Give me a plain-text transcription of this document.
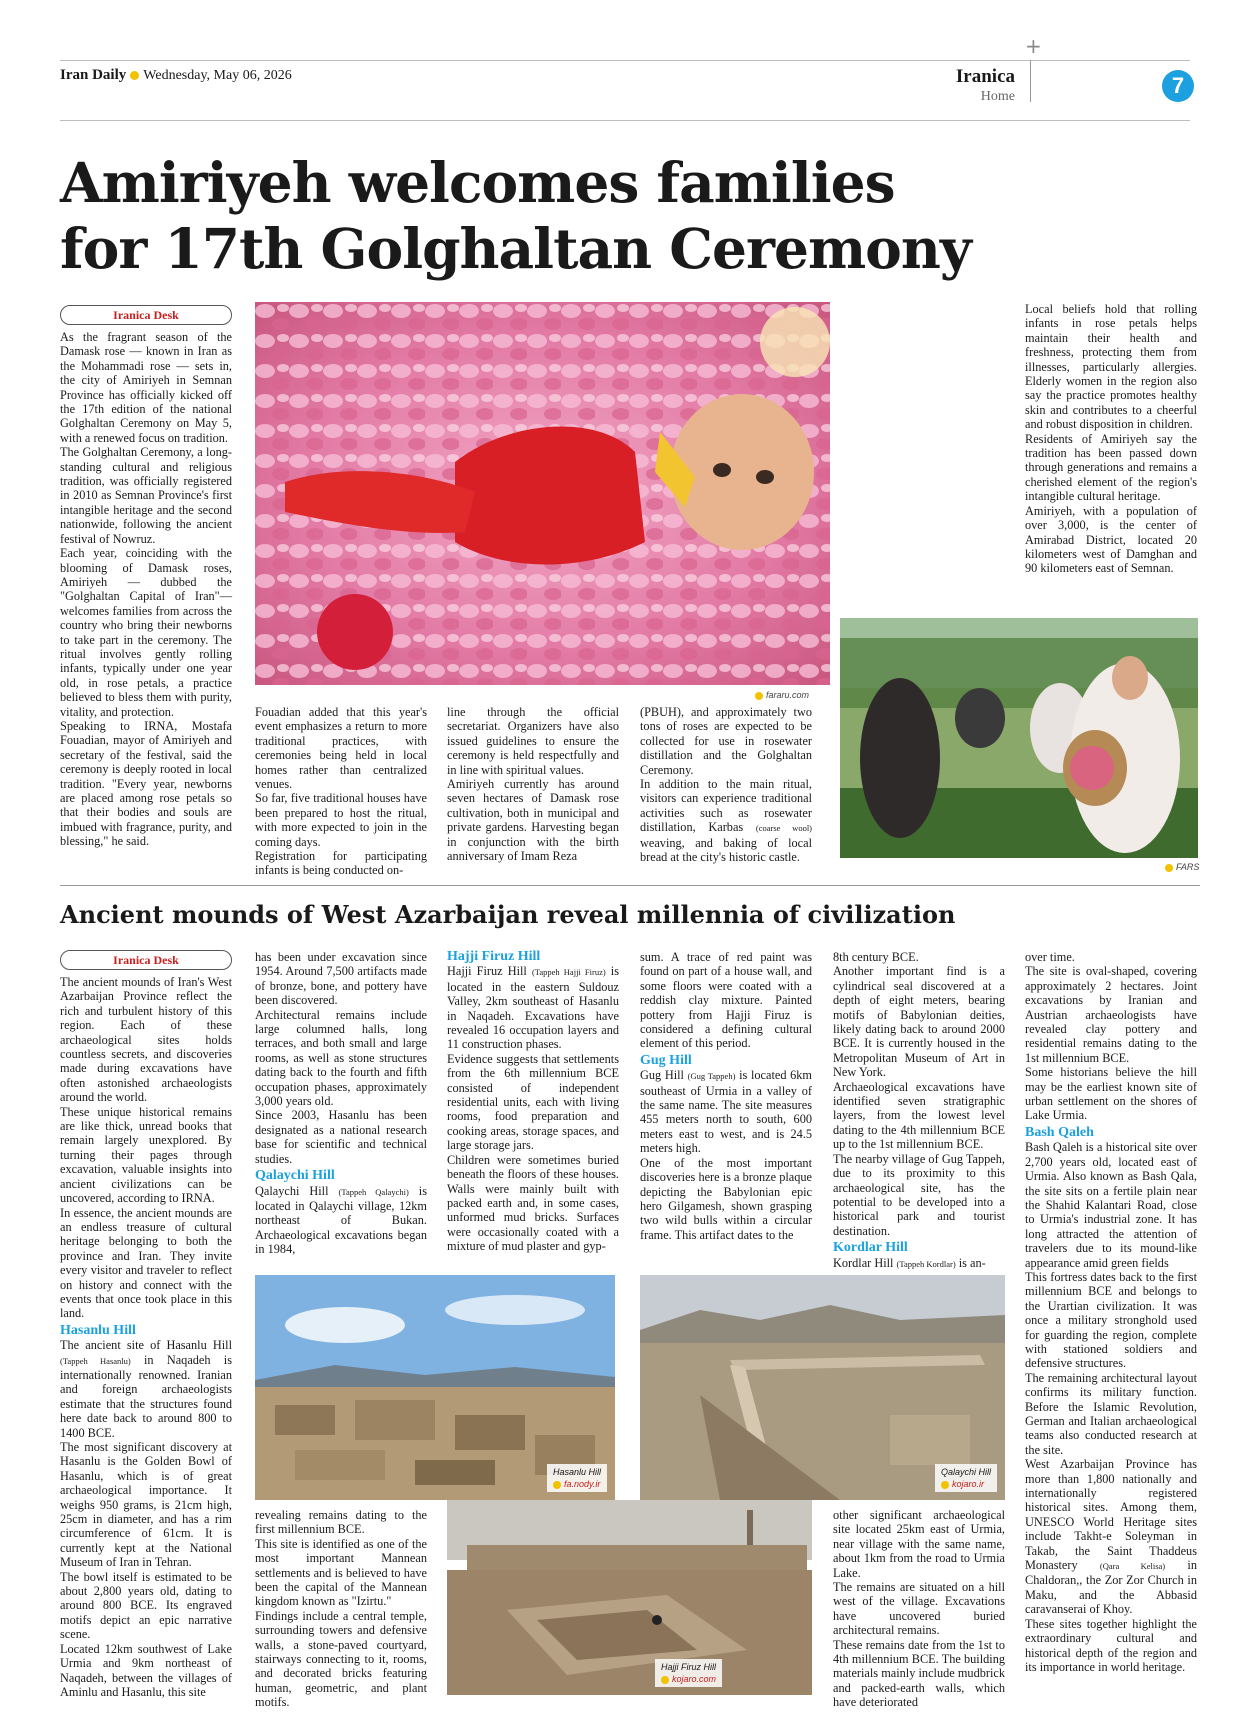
+
Iran Daily Wednesday, May 06, 2026	Iranica
Home	7
Amiriyeh welcomes families
for 17th Golghaltan Ceremony
Iranica Desk

As the fragrant season of the Damask rose — known in Iran as the Mohammadi rose — sets in, the city of Amiriyeh in Semnan Province has officially kicked off the 17th edition of the national Golghaltan Ceremony on May 5, with a renewed focus on tradition.

The Golghaltan Ceremony, a long-standing cultural and religious tradition, was officially registered in 2010 as Semnan Province's first intangible heritage and the second nationwide, following the ancient festival of Nowruz.

Each year, coinciding with the blooming of Damask roses, Amiriyeh — dubbed the "Golghaltan Capital of Iran"— welcomes families from across the country who bring their newborns to take part in the ceremony. The ritual involves gently rolling infants, typically under one year old, in rose petals, a practice believed to bless them with purity, vitality, and protection.

Speaking to IRNA, Mostafa Fouadian, mayor of Amiriyeh and secretary of the festival, said the ceremony is deeply rooted in local tradition. "Every year, newborns are placed among rose petals so that their bodies and souls are imbued with fragrance, purity, and blessing," he said.

fararu.com

Fouadian added that this year's event emphasizes a return to more traditional practices, with ceremonies being held in local homes rather than centralized venues.

So far, five traditional houses have been prepared to host the ritual, with more expected to join in the coming days.

Registration for participating infants is being conducted on-

line through the official secretariat. Organizers have also issued guidelines to ensure the ceremony is held respectfully and in line with spiritual values.

Amiriyeh currently has around seven hectares of Damask rose cultivation, both in municipal and private gardens. Harvesting began in conjunction with the birth anniversary of Imam Reza

(PBUH), and approximately two tons of roses are expected to be collected for use in rosewater distillation and the Golghaltan Ceremony.

In addition to the main ritual, visitors can experience traditional activities such as rosewater distillation, Karbas (coarse wool) weaving, and baking of local bread at the city's historic castle.

Local beliefs hold that rolling infants in rose petals helps maintain their health and freshness, protecting them from illnesses, particularly allergies. Elderly women in the region also say the practice promotes healthy skin and contributes to a cheerful and robust disposition in children.

Residents of Amiriyeh say the tradition has been passed down through generations and remains a cherished element of the region's intangible cultural heritage.

Amiriyeh, with a population of over 3,000, is the center of Amirabad District, located 20 kilometers west of Damghan and 90 kilometers east of Semnan.

FARS
Ancient mounds of West Azarbaijan reveal millennia of civilization
Iranica Desk

The ancient mounds of Iran's West Azarbaijan Province reflect the rich and turbulent history of this region. Each of these archaeological sites holds countless secrets, and discoveries made during excavations have often astonished archaeologists around the world.

These unique historical remains are like thick, unread books that remain largely unexplored. By turning their pages through excavation, valuable insights into ancient civilizations can be uncovered, according to IRNA.

In essence, the ancient mounds are an endless treasure of cultural heritage belonging to both the province and Iran. They invite every visitor and traveler to reflect on history and connect with the events that once took place in this land.

Hasanlu Hill

The ancient site of Hasanlu Hill (Tappeh Hasanlu) in Naqadeh is internationally renowned. Iranian and foreign archaeologists estimate that the structures found here date back to around 800 to 1400 BCE.

The most significant discovery at Hasanlu is the Golden Bowl of Hasanlu, which is of great archaeological importance. It weighs 950 grams, is 21cm high, 25cm in diameter, and has a rim circumference of 61cm. It is currently kept at the National Museum of Iran in Tehran.

The bowl itself is estimated to be about 2,800 years old, dating to around 800 BCE. Its engraved motifs depict an epic narrative scene.

Located 12km southwest of Lake Urmia and 9km northeast of Naqadeh, between the villages of Aminlu and Hasanlu, this site

has been under excavation since 1954. Around 7,500 artifacts made of bronze, bone, and pottery have been discovered.

Architectural remains include large columned halls, long terraces, and both small and large rooms, as well as stone structures dating back to the fourth and fifth occupation phases, approximately 3,000 years old.

Since 2003, Hasanlu has been designated as a national research base for scientific and technical studies.

Qalaychi Hill

Qalaychi Hill (Tappeh Qalaychi) is located in Qalaychi village, 12km northeast of Bukan. Archaeological excavations began in 1984,

Hajji Firuz Hill

Hajji Firuz Hill (Tappeh Hajji Firuz) is located in the eastern Suldouz Valley, 2km southeast of Hasanlu in Naqadeh. Excavations have revealed 16 occupation layers and 11 construction phases.

Evidence suggests that settlements from the 6th millennium BCE consisted of independent residential units, each with living rooms, food preparation and cooking areas, storage spaces, and large storage jars.

Children were sometimes buried beneath the floors of these houses. Walls were mainly built with packed earth and, in some cases, unformed mud bricks. Surfaces were occasionally coated with a mixture of mud plaster and gyp-

sum. A trace of red paint was found on part of a house wall, and some floors were coated with a reddish clay mixture. Painted pottery from Hajji Firuz is considered a defining cultural element of this period.

Gug Hill

Gug Hill (Gug Tappeh) is located 6km southeast of Urmia in a valley of the same name. The site measures 455 meters north to south, 600 meters east to west, and is 24.5 meters high.

One of the most important discoveries here is a bronze plaque depicting the Babylonian epic hero Gilgamesh, shown grasping two wild bulls within a circular frame. This artifact dates to the

8th century BCE.

Another important find is a cylindrical seal discovered at a depth of eight meters, bearing motifs of Babylonian deities, likely dating back to around 2000 BCE. It is currently housed in the Metropolitan Museum of Art in New York.

Archaeological excavations have identified seven stratigraphic layers, from the lowest level dating to the 4th millennium BCE up to the 1st millennium BCE.

The nearby village of Gug Tappeh, due to its proximity to this archaeological site, has the potential to be developed into a historical park and tourist destination.

Kordlar Hill

Kordlar Hill (Tappeh Kordlar) is an-

over time.

The site is oval-shaped, covering approximately 2 hectares. Joint excavations by Iranian and Austrian archaeologists have revealed clay pottery and residential remains dating to the 1st millennium BCE.

Some historians believe the hill may be the earliest known site of urban settlement on the shores of Lake Urmia.

Bash Qaleh

Bash Qaleh is a historical site over 2,700 years old, located east of Urmia. Also known as Bash Qala, the site sits on a fertile plain near the Shahid Kalantari Road, close to Urmia's industrial zone. It has long attracted the attention of travelers due to its mound-like appearance amid green fields

This fortress dates back to the first millennium BCE and belongs to the Urartian civilization. It was once a military stronghold used for guarding the region, complete with stationed soldiers and defensive structures.

The remaining architectural layout confirms its military function. Before the Islamic Revolution, German and Italian archaeological teams also conducted research at the site.

West Azarbaijan Province has more than 1,800 nationally and internationally registered historical sites. Among them, UNESCO World Heritage sites include Takht-e Soleyman in Takab, the Saint Thaddeus Monastery	(Qara Kelisa) in Chaldoran,, the Zor Zor Church in Maku, and the Abbasid caravanserai of Khoy.

These sites together highlight the extraordinary cultural and historical depth of the region and its importance in world heritage.

Hasanlu Hill
fa.nody.ir
Qalaychi Hill
kojaro.ir

revealing remains dating to the first millennium BCE.

This site is identified as one of the most important Mannean settlements and is believed to have been the capital of the Mannean kingdom known as "Izirtu."

Findings include a central temple, surrounding towers and defensive walls, a stone-paved courtyard, stairways connecting to it, rooms, and decorated bricks featuring human, geometric, and plant motifs.

Hajji Firuz Hill
kojaro.com

other significant archaeological site located 25km east of Urmia, near village with the same name, about 1km from the road to Urmia Lake.

The remains are situated on a hill west of the village. Excavations have uncovered buried architectural remains.

These remains date from the 1st to 4th millennium BCE. The building materials mainly include mudbrick and packed-earth walls, which have deteriorated
